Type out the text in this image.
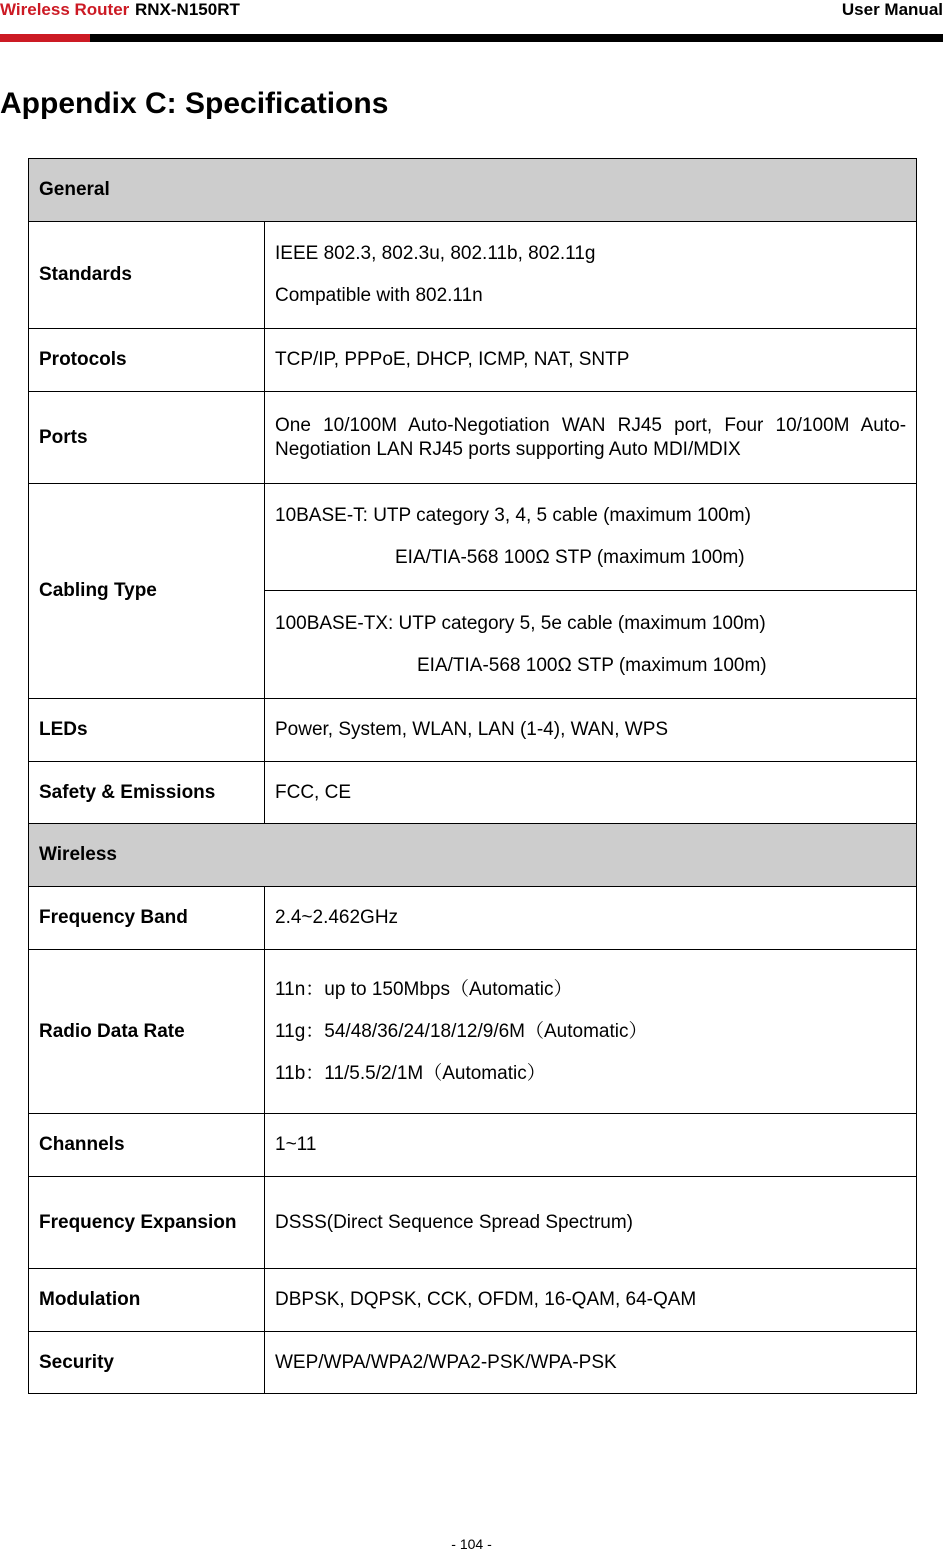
Wireless Router RNX-N150RT	User Manual
Appendix C: Specifications
General	
Standards	IEEE 802.3, 802.3u, 802.11b, 802.11g
Compatible with 802.11n

Protocols	TCP/IP, PPPoE, DHCP, ICMP, NAT, SNTP
Ports	One 10/100M Auto-Negotiation WAN RJ45 port, Four 10/100M Auto-Negotiation LAN RJ45 ports supporting Auto MDI/MDIX
Cabling Type	10BASE-T: UTP category 3, 4, 5 cable (maximum 100m)
EIA/TIA-568 100Ω STP (maximum 100m)

	100BASE-TX: UTP category 5, 5e cable (maximum 100m)
EIA/TIA-568 100Ω STP (maximum 100m)

LEDs	Power, System, WLAN, LAN (1-4), WAN, WPS
Safety & Emissions	FCC, CE
Wireless	
Frequency Band	2.4~2.462GHz
Radio Data Rate	11n：up to 150Mbps（Automatic）
11g：54/48/36/24/18/12/9/6M（Automatic）
11b：11/5.5/2/1M（Automatic）

Channels	1~11
Frequency Expansion	DSSS(Direct Sequence Spread Spectrum)
Modulation	DBPSK, DQPSK, CCK, OFDM, 16-QAM, 64-QAM
Security	WEP/WPA/WPA2/WPA2-PSK/WPA-PSK
- 104 -
